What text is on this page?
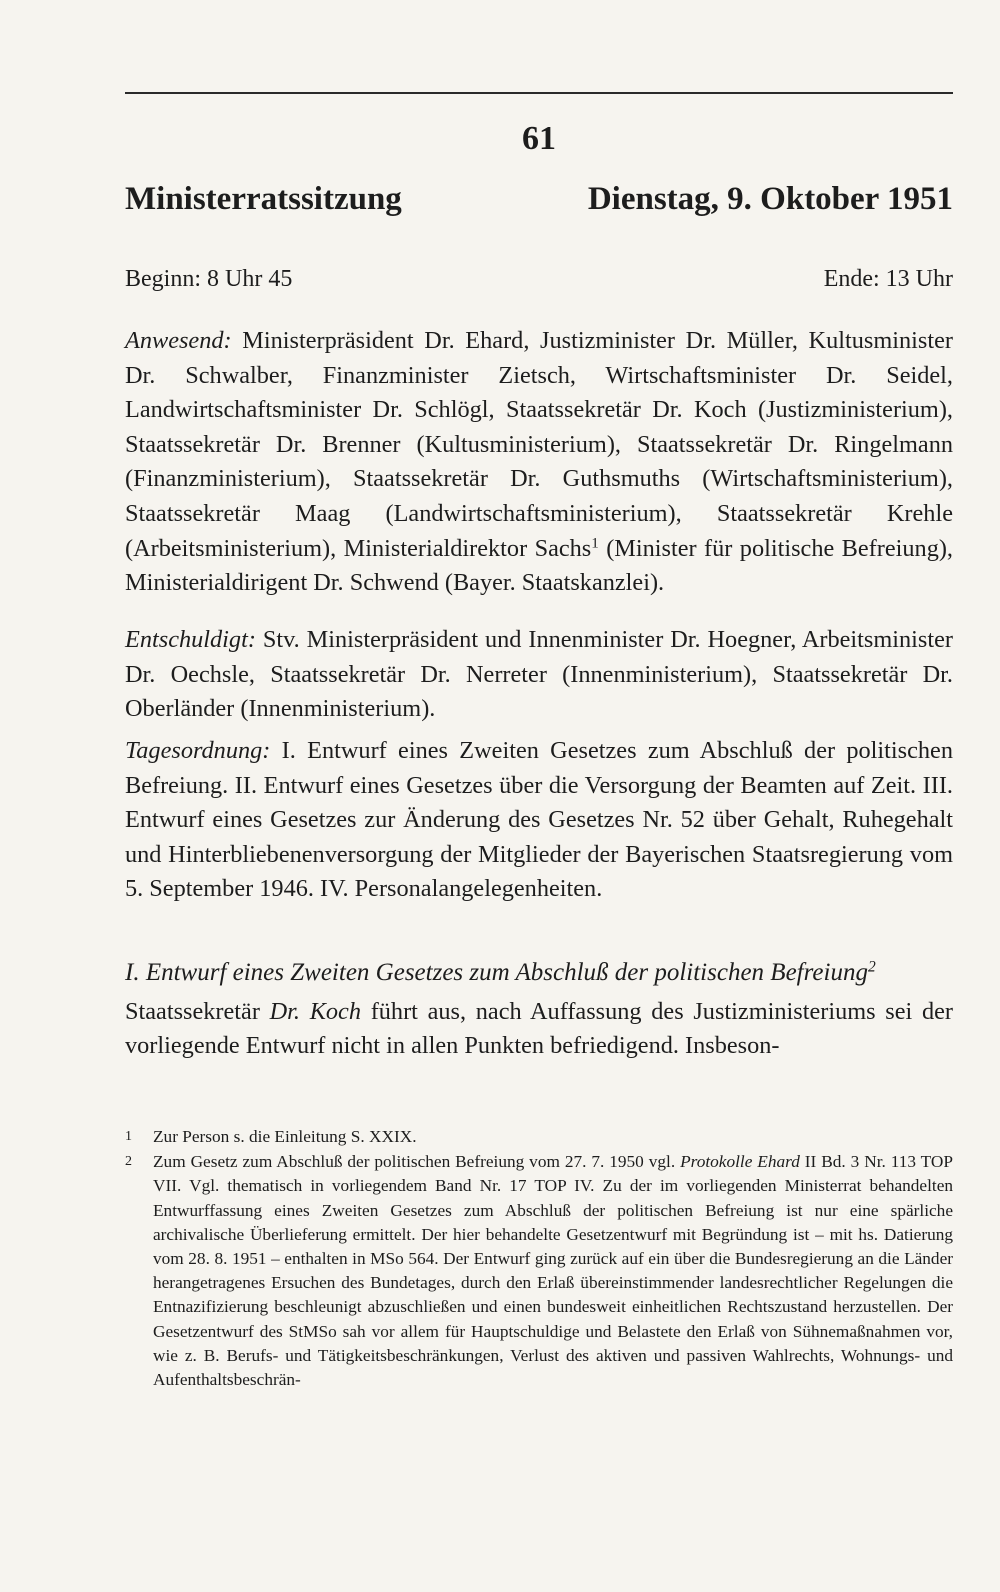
61
Ministerratssitzung	Dienstag, 9. Oktober 1951
Beginn: 8 Uhr 45	Ende: 13 Uhr

Anwesend: Ministerpräsident Dr. Ehard, Justizminister Dr. Müller, Kultusminister Dr. Schwalber, Finanzminister Zietsch, Wirtschaftsminister Dr. Seidel, Landwirtschaftsminister Dr. Schlögl, Staatssekretär Dr. Koch (Justizministerium), Staatssekretär Dr. Brenner (Kultusministerium), Staatssekretär Dr. Ringelmann (Finanzministerium), Staatssekretär Dr. Guthsmuths (Wirtschaftsministerium), Staatssekretär Maag (Landwirtschaftsministerium), Staatssekretär Krehle (Arbeitsministerium), Ministerialdirektor Sachs$^1$ (Minister für politische Befreiung), Ministerialdirigent Dr. Schwend (Bayer. Staatskanzlei).

Entschuldigt: Stv. Ministerpräsident und Innenminister Dr. Hoegner, Arbeitsminister Dr. Oechsle, Staatssekretär Dr. Nerreter (Innenministerium), Staatssekretär Dr. Oberländer (Innenministerium).

Tagesordnung: I. Entwurf eines Zweiten Gesetzes zum Abschluß der politischen Befreiung. II. Entwurf eines Gesetzes über die Versorgung der Beamten auf Zeit. III. Entwurf eines Gesetzes zur Änderung des Gesetzes Nr. 52 über Gehalt, Ruhegehalt und Hinterbliebenenversorgung der Mitglieder der Bayerischen Staatsregierung vom 5. September 1946. IV. Personalangelegenheiten.

I. Entwurf eines Zweiten Gesetzes zum Abschluß der politischen Befreiung$^2$
Staatssekretär Dr. Koch führt aus, nach Auffassung des Justizministeriums sei der vorliegende Entwurf nicht in allen Punkten befriedigend. Insbeson-
1	Zur Person s. die Einleitung S. XXIX.
2	Zum Gesetz zum Abschluß der politischen Befreiung vom 27. 7. 1950 vgl. Protokolle Ehard II Bd. 3 Nr. 113 TOP VII. Vgl. thematisch in vorliegendem Band Nr. 17 TOP IV. Zu der im vorliegenden Ministerrat behandelten Entwurffassung eines Zweiten Gesetzes zum Abschluß der politischen Befreiung ist nur eine spärliche archivalische Überlieferung ermittelt. Der hier behandelte Gesetzentwurf mit Begründung ist – mit hs. Datierung vom 28. 8. 1951 – enthalten in MSo 564. Der Entwurf ging zurück auf ein über die Bundesregierung an die Länder herangetragenes Ersuchen des Bundetages, durch den Erlaß übereinstimmender landesrechtlicher Regelungen die Entnazifizierung beschleunigt abzuschließen und einen bundesweit einheitlichen Rechtszustand herzustellen. Der Gesetzentwurf des StMSo sah vor allem für Hauptschuldige und Belastete den Erlaß von Sühnemaßnahmen vor, wie z. B. Berufs- und Tätigkeitsbeschränkungen, Verlust des aktiven und passiven Wahlrechts, Wohnungs- und Aufenthaltsbeschrän-
